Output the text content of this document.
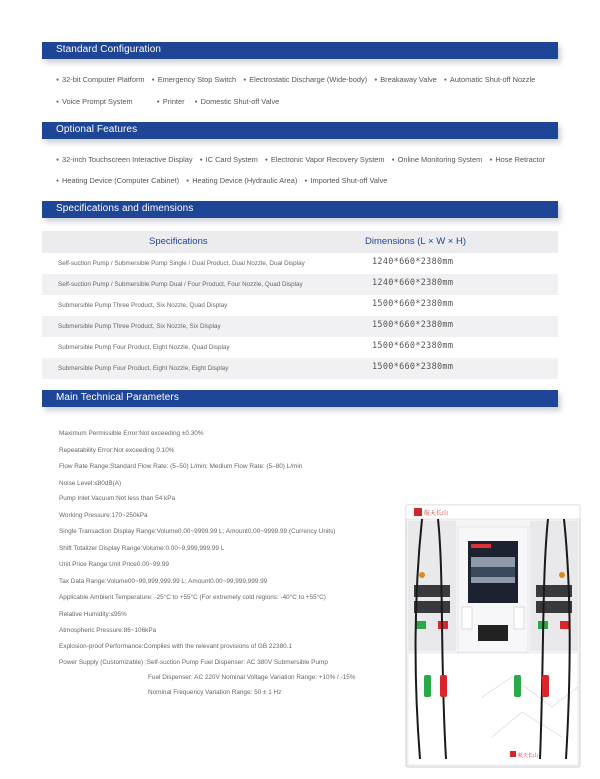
Standard Configuration
Optional Features
Specifications and dimensions
Main Technical Parameters
● 32-bit Computer Platform ● Emergency Stop Switch ● Electrostatic Discharge (Wide-body) ● Breakaway Valve ● Automatic Shut-off Nozzle
● Voice Prompt System	● Printer ● Domestic Shut-off Valve
● 32-inch Touchscreen Interactive Display ● IC Card System ● Electronic Vapor Recovery System ● Online Monitoring System ● Hose Retractor
● Heating Device (Computer Cabinet) ● Heating Device (Hydraulic Area) ● Imported Shut-off Valve
Specifications	Dimensions (L × W × H)
Self-suction Pump / Submersible Pump Single / Dual Product, Dual Nozzle, Dual Display	1240*660*2380mm
Self-suction Pump / Submersible Pump Dual / Four Product, Four Nozzle, Quad Display	1240*660*2380mm
Submersible Pump Three Product, Six Nozzle, Quad Display	1500*660*2380mm
Submersible Pump Three Product, Six Nozzle, Six Display	1500*660*2380mm
Submersible Pump Four Product, Eight Nozzle, Quad Display	1500*660*2380mm
Submersible Pump Four Product, Eight Nozzle, Eight Display	1500*660*2380mm
Maximum Permissible Error:Not exceeding ±0.30%
Repeatability Error:Not exceeding 0.10%
Flow Rate Range:Standard Flow Rate: (5–50) L/min; Medium Flow Rate: (5–80) L/min
Noise Level:≤80dB(A)
Pump Inlet Vacuum:Not less than 54 kPa
Working Pressure:170~250kPa
Single Transaction Display Range:Volume0.00~9999.99 L; Amount0.00~9999.99 (Currency Units)
Shift Totalizer Display Range:Volume:0.00~9,999,999.99 L
Unit Price Range:Unit Price0.00~99.99
Tax Data Range:Volume00~99,999,999.99 L; Amount0.00~99,999,999.99
Applicable Ambient Temperature: -25°C to +55°C (For extremely cold regions: -40°C to +55°C)
Relative Humidity:≤95%
Atmospheric Pressure:86~106kPa
Explosion-proof Performance:Complies with the relevant provisions of GB 22380.1
Power Supply (Customizable) ;Self-suction Pump Fuel Dispenser: AC 380V Submersible Pump
Fuel Dispenser: AC 220V Nominal Voltage Variation Range: +10% / -15%
Nominal Frequency Variation Range: 50 ± 1 Hz
航天长山
航天长山
